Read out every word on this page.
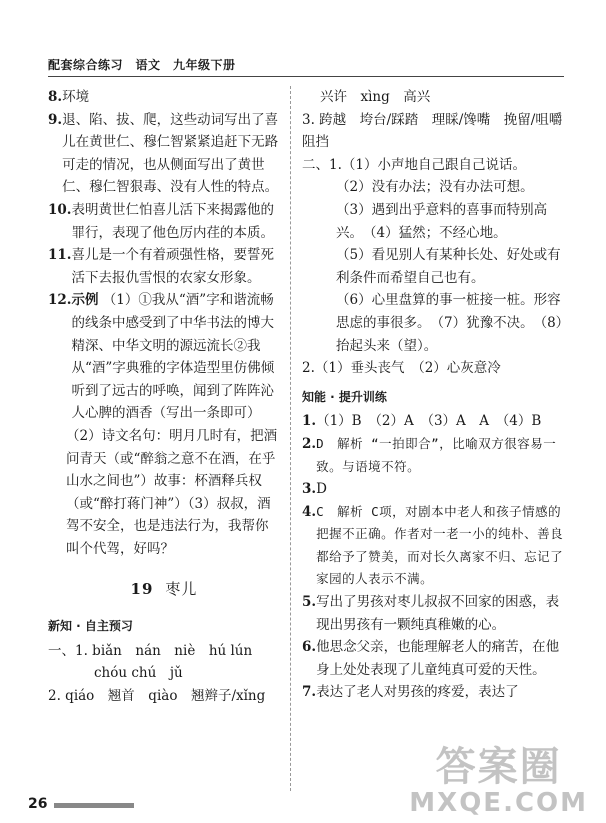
配套综合练习　语文　九年级下册
8. 环境
9. 退、陷、拔、爬，这些动词写出了喜儿在黄世仁、穆仁智紧紧追赶下无路可走的情况，也从侧面写出了黄世仁、穆仁智狠毒、没有人性的特点。
10. 表明黄世仁怕喜儿活下来揭露他的罪行，表现了他色厉内荏的本质。
11. 喜儿是一个有着顽强性格，要誓死活下去报仇雪恨的农家女形象。
12. 示例 （1）①我从“酒”字和谐流畅的线条中感受到了中华书法的博大精深、中华文明的源远流长②我从“酒”字典雅的字体造型里仿佛倾听到了远古的呼唤，闻到了阵阵沁人心脾的酒香（写出一条即可）
（2）诗文名句：明月几时有，把酒问青天（或“醉翁之意不在酒，在乎山水之间也”）故事：杯酒释兵权（或“醉打蒋门神”）（3）叔叔，酒驾不安全，也是违法行为，我帮你叫个代驾，好吗？
19 枣儿
新知 · 自主预习
一、1. biǎn　nán　niè　hú lún
chóu chú　jǔ
2. qiáo　翘首　qiào　翘辫子/xǐng
兴许　xìng　高兴
3. 跨越　垮台/踩踏　理睬/馋嘴　挽留/咀嚼　阻挡
二、1.（1）小声地自己跟自己说话。
（2）没有办法；没有办法可想。
（3）遇到出乎意料的喜事而特别高兴。　（4）猛然；不经心地。
（5）看见别人有某种长处、好处或有利条件而希望自己也有。
（6）心里盘算的事一桩接一桩。形容思虑的事很多。　（7）犹豫不决。　（8）抬起头来（望）。
2.（1）垂头丧气　（2）心灰意冷
知能 · 提升训练
1. （1）B　（2）A　（3）A　A　（4）B
2. D　解析 “一拍即合”，比喻双方很容易一致。与语境不符。
3. D
4. C　解析 C项，对剧本中老人和孩子情感的把握不正确。作者对一老一小的纯朴、善良都给予了赞美，而对长久离家不归、忘记了家园的人表示不满。
5. 写出了男孩对枣儿叔叔不回家的困惑，表现出男孩有一颗纯真稚嫩的心。
6. 他思念父亲，也能理解老人的痛苦，在他身上处处表现了儿童纯真可爱的天性。
7. 表达了老人对男孩的疼爱，表达了
26
答案圈
MXQE.COM
